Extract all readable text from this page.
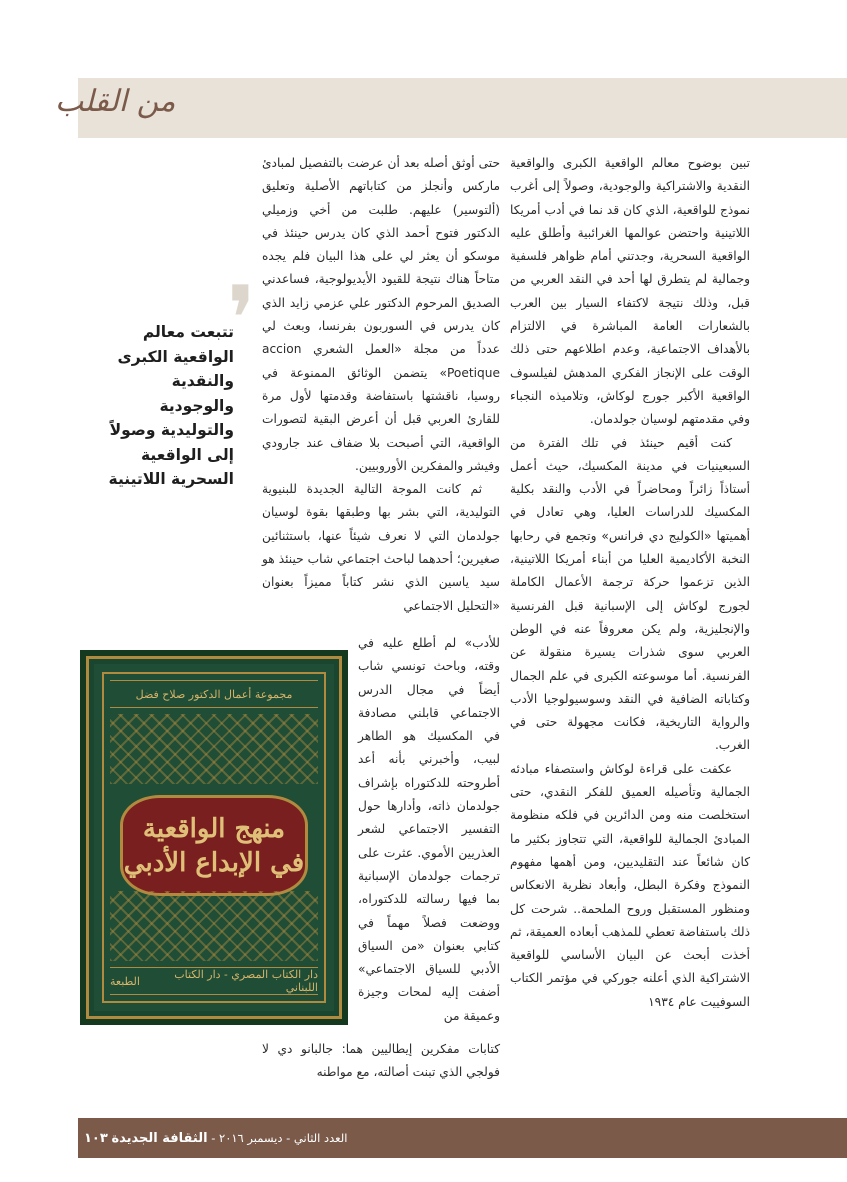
من القلب

تبين بوضوح معالم الواقعية الكبرى والواقعية النقدية والاشتراكية والوجودية، وصولاً إلى أغرب نموذج للواقعية، الذي كان قد نما في أدب أمريكا اللاتينية واحتضن عوالمها الغرائبية وأطلق عليه الواقعية السحرية، وجدتني أمام ظواهر فلسفية وجمالية لم يتطرق لها أحد في النقد العربي من قبل، وذلك نتيجة لاكتفاء السيار بين العرب بالشعارات العامة المباشرة في الالتزام بالأهداف الاجتماعية، وعدم اطلاعهم حتى ذلك الوقت على الإنجاز الفكري المدهش لفيلسوف الواقعية الأكبر جورج لوكاش، وتلاميذه النجباء وفي مقدمتهم لوسيان جولدمان.

كنت أقيم حينئذ في تلك الفترة من السبعينيات في مدينة المكسيك، حيث أعمل أستاذاً زائراً ومحاضراً في الأدب والنقد بكلية المكسيك للدراسات العليا، وهي تعادل في أهميتها «الكوليج دي فرانس» وتجمع في رحابها النخبة الأكاديمية العليا من أبناء أمريكا اللاتينية، الذين تزعموا حركة ترجمة الأعمال الكاملة لجورج لوكاش إلى الإسبانية قبل الفرنسية والإنجليزية، ولم يكن معروفاً عنه في الوطن العربي سوى شذرات يسيرة منقولة عن الفرنسية. أما موسوعته الكبرى في علم الجمال وكتاباته الضافية في النقد وسوسيولوجيا الأدب والرواية التاريخية، فكانت مجهولة حتى في الغرب.

عكفت على قراءة لوكاش واستصفاء مبادئه الجمالية وتأصيله العميق للفكر النقدي، حتى استخلصت منه ومن الدائرين في فلكه منظومة المبادئ الجمالية للواقعية، التي تتجاوز بكثير ما كان شائعاً عند التقليديين، ومن أهمها مفهوم النموذج وفكرة البطل، وأبعاد نظرية الانعكاس ومنظور المستقبل وروح الملحمة.. شرحت كل ذلك باستفاضة تعطي للمذهب أبعاده العميقة، ثم أخذت أبحث عن البيان الأساسي للواقعية الاشتراكية الذي أعلنه جوركي في مؤتمر الكتاب السوفييت عام ١٩٣٤

حتى أوثق أصله بعد أن عرضت بالتفصيل لمبادئ ماركس وأنجلز من كتاباتهم الأصلية وتعليق (ألتوسير) عليهم. طلبت من أخي وزميلي الدكتور فتوح أحمد الذي كان يدرس حينئذ في موسكو أن يعثر لي على هذا البيان فلم يجده متاحاً هناك نتيجة للقيود الأيديولوجية، فساعدني الصديق المرحوم الدكتور علي عزمي زايد الذي كان يدرس في السوربون بفرنسا، وبعث لي عدداً من مجلة «العمل الشعري accion Poetique» يتضمن الوثائق الممنوعة في روسيا، ناقشتها باستفاضة وقدمتها لأول مرة للقارئ العربي قبل أن أعرض البقية لتصورات الواقعية، التي أصبحت بلا ضفاف عند جارودي وفيشر والمفكرين الأوروبيين.

ثم كانت الموجة التالية الجديدة للبنيوية التوليدية، التي بشر بها وطبقها بقوة لوسيان جولدمان التي لا نعرف شيئاً عنها، باستثنائين صغيرين؛ أحدهما لباحث اجتماعي شاب حينئذ هو سيد ياسين الذي نشر كتاباً مميزاً بعنوان «التحليل الاجتماعي

للأدب» لم أطلع عليه في وقته، وباحث تونسي شاب أيضاً في مجال الدرس الاجتماعي قابلني مصادفة في المكسيك هو الطاهر لبيب، وأخبرني بأنه أعد أطروحته للدكتوراه بإشراف جولدمان ذاته، وأدارها حول التفسير الاجتماعي لشعر العذريين الأموي. عثرت على ترجمات جولدمان الإسبانية بما فيها رسالته للدكتوراه، ووضعت فصلاً مهماً في كتابي بعنوان «من السياق الأدبي للسياق الاجتماعي» أضفت إليه لمحات وجيزة وعميقة من

كتابات مفكرين إيطاليين هما: جالبانو دي لا فولجي الذي تبنت أصالته، مع مواطنه

❜
تتبعت معالم الواقعية الكبرى والنقدية والوجودية والتوليدية وصولاً إلى الواقعية السحرية اللاتينية
مجموعة أعمال الدكتور صلاح فضل
منهج الواقعية
في الإبداع الأدبي
دار الكتاب المصري - دار الكتاب اللبناني
الطبعة
العدد الثاني - ديسمبر ٢٠١٦ - الثقافة الجديدة ١٠٣
